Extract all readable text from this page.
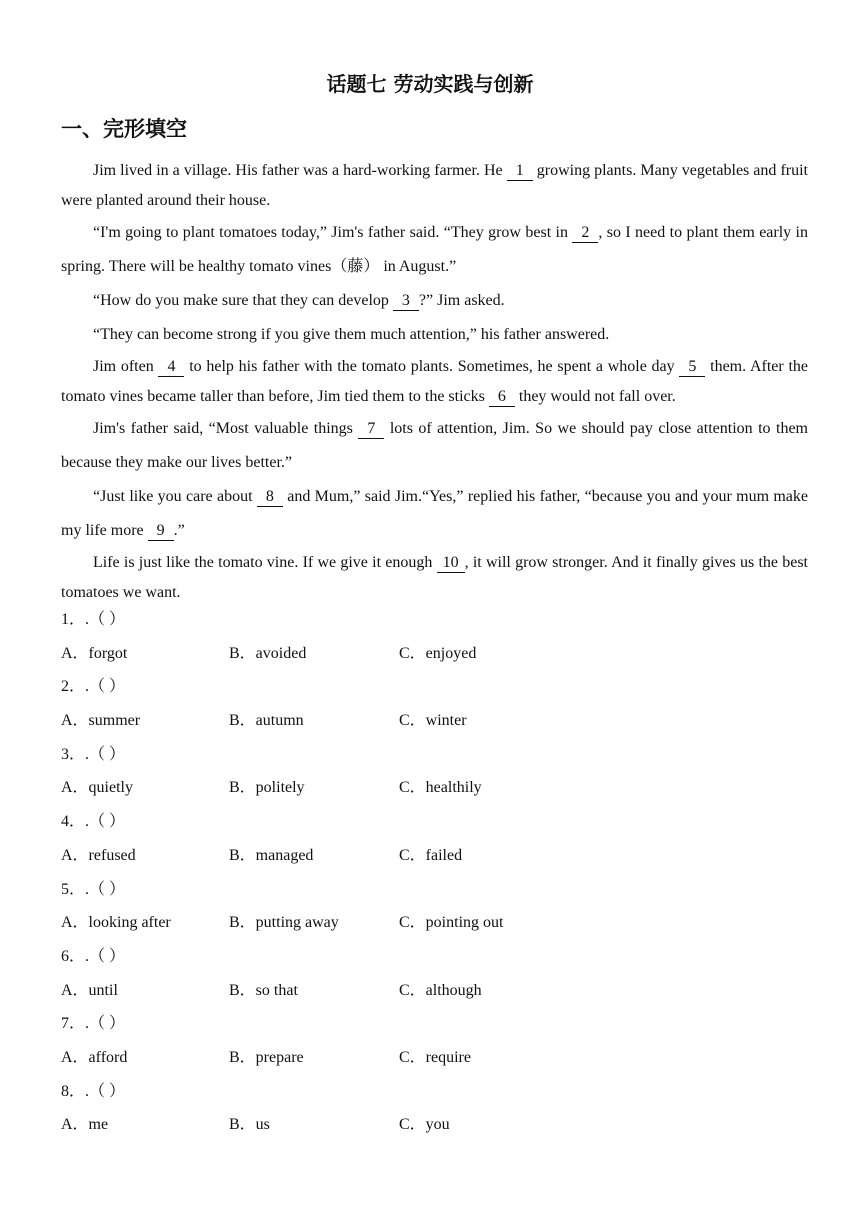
话题七 劳动实践与创新
一、完形填空

Jim lived in a village. His father was a hard-working farmer. He 1 growing plants. Many vegetables and fruit were planted around their house.

“I'm going to plant tomatoes today,” Jim's father said. “They grow best in 2 , so I need to plant them early in spring. There will be healthy tomato vines（藤） in August.”

“How do you make sure that they can develop 3 ?” Jim asked.

“They can become strong if you give them much attention,” his father answered.

Jim often 4 to help his father with the tomato plants. Sometimes, he spent a whole day 5 them. After the tomato vines became taller than before, Jim tied them to the sticks 6 they would not fall over.

Jim's father said, “Most valuable things 7 lots of attention, Jim. So we should pay close attention to them because they make our lives better.”

“Just like you care about 8 and Mum,” said Jim.“Yes,” replied his father, “because you and your mum make my life more 9 .”

Life is just like the tomato vine. If we give it enough 10 , it will grow stronger. And it finally gives us the best tomatoes we want.

1．.（ ）
A．forgot	B．avoided	C．enjoyed
2．.（ ）
A．summer	B．autumn	C．winter
3．.（ ）
A．quietly	B．politely	C．healthily
4．.（ ）
A．refused	B．managed	C．failed
5．.（ ）
A．looking after	B．putting away	C．pointing out
6．.（ ）
A．until	B．so that	C．although
7．.（ ）
A．afford	B．prepare	C．require
8．.（ ）
A．me	B．us	C．you
